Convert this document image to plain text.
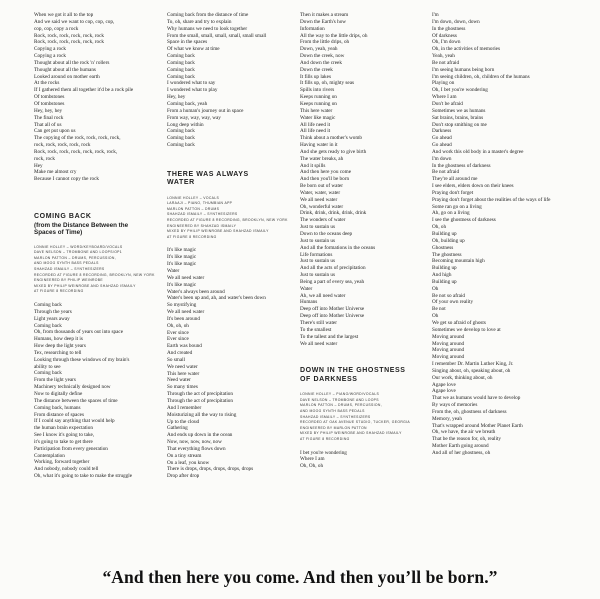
When we got it all to the top
And we said we want to cop, cop, cop,
cop, cop, copy a rock
Rock, rock, rock, rock, rock, rock
Rock, rock, rock, rock, rock, rock
Copying a rock
Copying a rock
Thought about all the rock 'n' rollers
Thought about all the humans
Looked around on mother earth
At the rocks
If I gathered them all together it'd be a rock pile
Of tombstones
Of tombstones
Hey, hey, hey
The final rock
That all of us
Can get put upon us
The copying of the rock, rock, rock, rock,
rock, rock, rock, rock, rock
Rock, rock, rock, rock, rock, rock, rock,
rock, rock
Hey
Make me almost cry
Because I cannot copy the rock
COMING BACK

(from the Distance Between the Spaces of Time)

LONNIE HOLLEY – WORD/KEYBOARD/VOCALS
DAVE NELSON – TROMBONE AND LOOPS/OP1
MARLON PATTON – DRUMS, PERCUSSION,
AND MOOG SYNTH BASS PEDALS
SHAHZAD ISMAILY – SYNTHESIZERS
RECORDED AT FIGURE 8 RECORDING, BROOKLYN, NEW YORK
ENGINEERED BY PHILIP WEINROBE
MIXED BY PHILIP WEINROBE AND SHAHZAD ISMAILY
AT FIGURE 8 RECORDING
Coming back
Through the years
Light years away
Coming back
Oh, from thousands of years out into space
Humans, how deep it is
How deep the light years
Tex, researching to tell
Looking through these windows of my brain's
ability to see
Coming back
From the light years
Machinery technically designed now
Now to digitally define
The distance between the spaces of time
Coming back, humans
From distance of spaces
If I could say anything that would help
the human brain expectation
See I know it's going to take,
it's going to take to get there
Participation from every generation
Contemplation
Working, forward together
And nobody, nobody could tell
Oh, what it's going to take to make the struggle
Coming back from the distance of time
To, oh, share and try to explain
Why humans we need to look together
From the small, small, small, small, small small
Space in the spaces
Of what we know at time
Coming back
Coming back
Coming back
Coming back
I wondered what to say
I wondered what to play
Hey, hey
Coming back, yeah
From a human's journey out in space
From way, way, way, way
Long deep within
Coming back
Coming back
Coming back
THERE WAS ALWAYS WATER
LONNIE HOLLEY – VOCALS
LARAAJI – PIANO, THUMBIAN APP
MARLON PATTON – DRUMS
SHAHZAD ISMAILY – SYNTHESIZERS
RECORDED AT FIGURE 8 RECORDING, BROOKLYN, NEW YORK
ENGINEERED BY SHAHZAD ISMAILY
MIXED BY PHILIP WEINROBE AND SHAHZAD ISMAILY
AT FIGURE 8 RECORDING
It's like magic
It's like magic
It's like magic
Water
We all need water
It's like magic
Water's always been around
Water's been up and, ah, and water's been down
So mystifying
We all need water
It's been around
Oh, oh, oh
Ever since
Ever since
Earth was bound
And created
So small
We need water
This here water
Need water
So many times
Through the act of precipitation
Through the act of precipitation
And I remember
Moisturizing all the way to rising
Up to the cloud
Gathering
And ends up down in the ocean
Now, now, now, now, now
That everything flows down
On a tiny stream
On a leaf, you know
There is drops, drops, drops, drops, drops
Drop after drop
Then it makes a stream
Down the Earth's how
Information
All the way to the little drips, oh
From the little drips, oh
Down, yeah, yeah
Down the creek, now
And down the creek
Down the creek
It fills up lakes
It fills up, oh, mighty seas
Spills into rivers
Keeps running on
Keeps running on
This here water
Water like magic
All life need it
All life need it
Think about a mother's womb
Having water in it
And she gets ready to give birth
The water breaks, ah
And it spills
And then here you come
And then you'll be born
Be born out of water
Water, water, water
We all need water
Oh, wonderful water
Drink, drink, drink, drink, drink
The wonders of water
Just to sustain us
Down to the oceans deep
Just to sustain us
And all the formations in the oceans
Life formations
Just to sustain us
And all the acts of precipitation
Just to sustain us
Being a part of every sea, yeah
Water
Ah, we all need water
Humans
Deep off into Mother Universe
Deep off into Mother Universe
There's still water
To the smallest
To the tallest and the largest
We all need water
DOWN IN THE GHOSTNESS OF DARKNESS
LONNIE HOLLEY – PIANO/WORD/VOCALS
DAVE NELSON – TROMBONE AND LOOPS
MARLON PATTON – DRUMS, PERCUSSION,
AND MOOG SYNTH BASS PEDALS
SHAHZAD ISMAILY – SYNTHESIZERS
RECORDED AT OAK AVENUE STUDIO, TUCKER, GEORGIA
ENGINEERED BY MARLON PATTON
MIXED BY PHILIP WEINROBE AND SHAHZAD ISMAILY
AT FIGURE 8 RECORDING
I bet you're wondering
Where I am
Oh, Oh, oh
I'm
I'm down, down, down
In the ghostness
Of darkness
Oh, I'm down
Oh, in the activities of memories
Yeah, yeah
Be not afraid
I'm seeing humans being born
I'm seeing children, oh, children of the humans
Playing on
Oh, I bet you're wondering
Where I am
Don't be afraid
Sometimes we as humans
Sat brains, brains, brains
Don't stop smithing on me
Darkness
Go ahead
Go ahead
And work this old body in a master's degree
I'm down
In the ghostness of darkness
Be not afraid
They're all around me
I see elders, elders down on their knees
Praying don't forget
Praying don't forget about the realities of the ways of life
Some ran go on a living
Ah, go on a living
I see the ghostness of darkness
Oh, oh
Building up
Oh, building up
Ghostness
The ghostness
Becoming mountain high
Building up
And high
Building up
Oh
Be not so afraid
Of your own reality
Be not
Oh
We get so afraid of ghosts
Sometimes we develop to love at
Moving around
Moving around
Moving around
Moving around
I remember Dr. Martin Luther King, Jr.
Singing about, oh, speaking about, oh
Our work, thinking about, oh
Agape love
Agape love
That we as humans would have to develop
By ways of memories
From the, oh, ghostness of darkness
Memory, yeah
That's wrapped around Mother Planet Earth
Oh, we have, the air we breath
That be the reason for, oh, reality
Mother Earth going around
And all of her ghostness, oh
“And then here you come. And then you’ll be born.”
